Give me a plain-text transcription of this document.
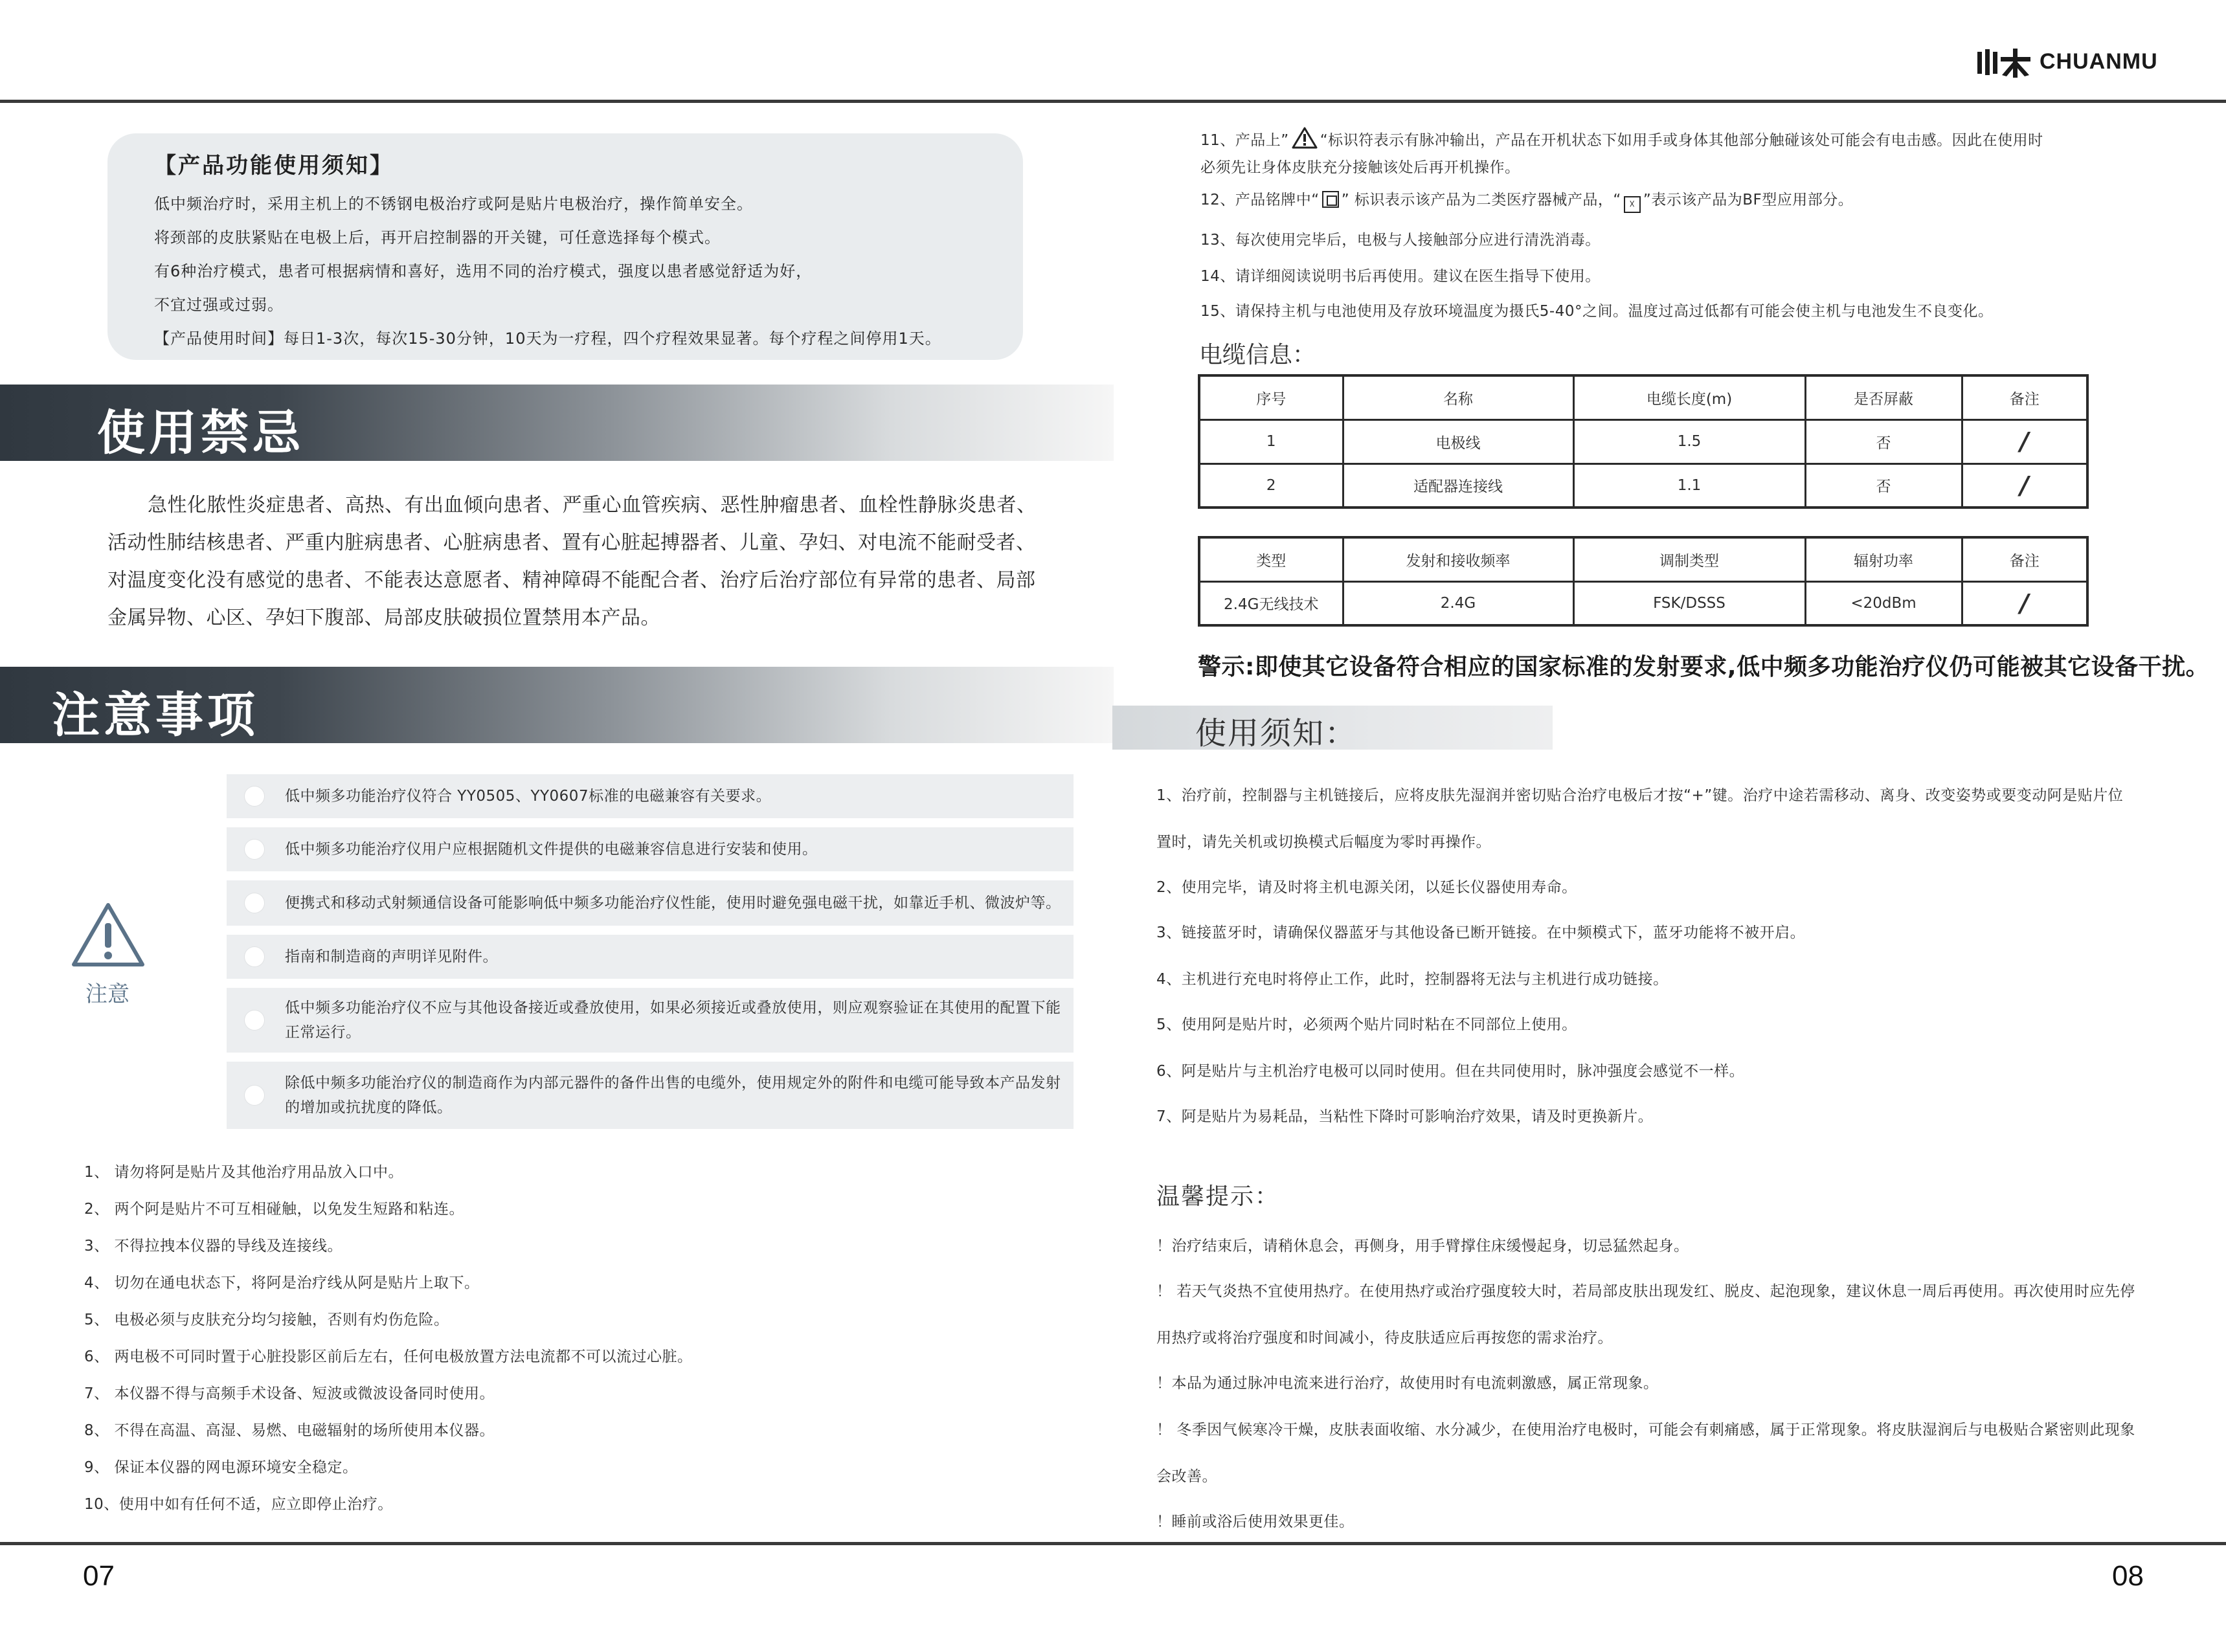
CHUANMU
【产品功能使用须知】
低中频治疗时，采用主机上的不锈钢电极治疗或阿是贴片电极治疗，操作简单安全。
将颈部的皮肤紧贴在电极上后，再开启控制器的开关键，可任意选择每个模式。
有6种治疗模式，患者可根据病情和喜好，选用不同的治疗模式，强度以患者感觉舒适为好，
不宜过强或过弱。
【产品使用时间】每日1-3次，每次15-30分钟，10天为一疗程，四个疗程效果显著。每个疗程之间停用1天。
使用禁忌

急性化脓性炎症患者、高热、有出血倾向患者、严重心血管疾病、恶性肿瘤患者、血栓性静脉炎患者、

活动性肺结核患者、严重内脏病患者、心脏病患者、置有心脏起搏器者、儿童、孕妇、对电流不能耐受者、

对温度变化没有感觉的患者、不能表达意愿者、精神障碍不能配合者、治疗后治疗部位有异常的患者、局部

金属异物、心区、孕妇下腹部、局部皮肤破损位置禁用本产品。

注意事项
注意
低中频多功能治疗仪符合 YY0505、YY0607标准的电磁兼容有关要求。
低中频多功能治疗仪用户应根据随机文件提供的电磁兼容信息进行安装和使用。
便携式和移动式射频通信设备可能影响低中频多功能治疗仪性能，使用时避免强电磁干扰，如靠近手机、微波炉等。
指南和制造商的声明详见附件。
低中频多功能治疗仪不应与其他设备接近或叠放使用，如果必须接近或叠放使用，则应观察验证在其使用的配置下能
正常运行。
除低中频多功能治疗仪的制造商作为内部元器件的备件出售的电缆外，使用规定外的附件和电缆可能导致本产品发射
的增加或抗扰度的降低。
1、 请勿将阿是贴片及其他治疗用品放入口中。
2、 两个阿是贴片不可互相碰触，以免发生短路和粘连。
3、 不得拉拽本仪器的导线及连接线。
4、 切勿在通电状态下，将阿是治疗线从阿是贴片上取下。
5、 电极必须与皮肤充分均匀接触，否则有灼伤危险。
6、 两电极不可同时置于心脏投影区前后左右，任何电极放置方法电流都不可以流过心脏。
7、 本仪器不得与高频手术设备、短波或微波设备同时使用。
8、 不得在高温、高湿、易燃、电磁辐射的场所使用本仪器。
9、 保证本仪器的网电源环境安全稳定。
10、使用中如有任何不适，应立即停止治疗。
11、产品上” “标识符表示有脉冲输出，产品在开机状态下如用手或身体其他部分触碰该处可能会有电击感。因此在使用时
必须先让身体皮肤充分接触该处后再开机操作。
12、产品铭牌中“ ” 标识表示该产品为二类医疗器械产品，“ ☓ ”表示该产品为BF型应用部分。
13、每次使用完毕后，电极与人接触部分应进行清洗消毒。
14、请详细阅读说明书后再使用。建议在医生指导下使用。
15、请保持主机与电池使用及存放环境温度为摄氏5-40°之间。温度过高过低都有可能会使主机与电池发生不良变化。
电缆信息：
序号	名称	电缆长度(m)	是否屏蔽	备注
1	电极线	1.5	否	/
2	适配器连接线	1.1	否	/
类型	发射和接收频率	调制类型	辐射功率	备注
2.4G无线技术	2.4G	FSK/DSSS	<20dBm	/
警示:即使其它设备符合相应的国家标准的发射要求,低中频多功能治疗仪仍可能被其它设备干扰。
使用须知：
1、治疗前，控制器与主机链接后，应将皮肤先湿润并密切贴合治疗电极后才按“+”键。治疗中途若需移动、离身、改变姿势或要变动阿是贴片位
置时，请先关机或切换模式后幅度为零时再操作。
2、使用完毕，请及时将主机电源关闭，以延长仪器使用寿命。
3、链接蓝牙时，请确保仪器蓝牙与其他设备已断开链接。在中频模式下，蓝牙功能将不被开启。
4、主机进行充电时将停止工作，此时，控制器将无法与主机进行成功链接。
5、使用阿是贴片时，必须两个贴片同时粘在不同部位上使用。
6、阿是贴片与主机治疗电极可以同时使用。但在共同使用时，脉冲强度会感觉不一样。
7、阿是贴片为易耗品，当粘性下降时可影响治疗效果，请及时更换新片。
温馨提示：
！治疗结束后，请稍休息会，再侧身，用手臂撑住床缓慢起身，切忌猛然起身。
！ 若天气炎热不宜使用热疗。在使用热疗或治疗强度较大时，若局部皮肤出现发红、脱皮、起泡现象，建议休息一周后再使用。再次使用时应先停
用热疗或将治疗强度和时间减小，待皮肤适应后再按您的需求治疗。
！本品为通过脉冲电流来进行治疗，故使用时有电流刺激感，属正常现象。
！ 冬季因气候寒冷干燥，皮肤表面收缩、水分减少，在使用治疗电极时，可能会有刺痛感，属于正常现象。将皮肤湿润后与电极贴合紧密则此现象
会改善。
！睡前或浴后使用效果更佳。
07	08
